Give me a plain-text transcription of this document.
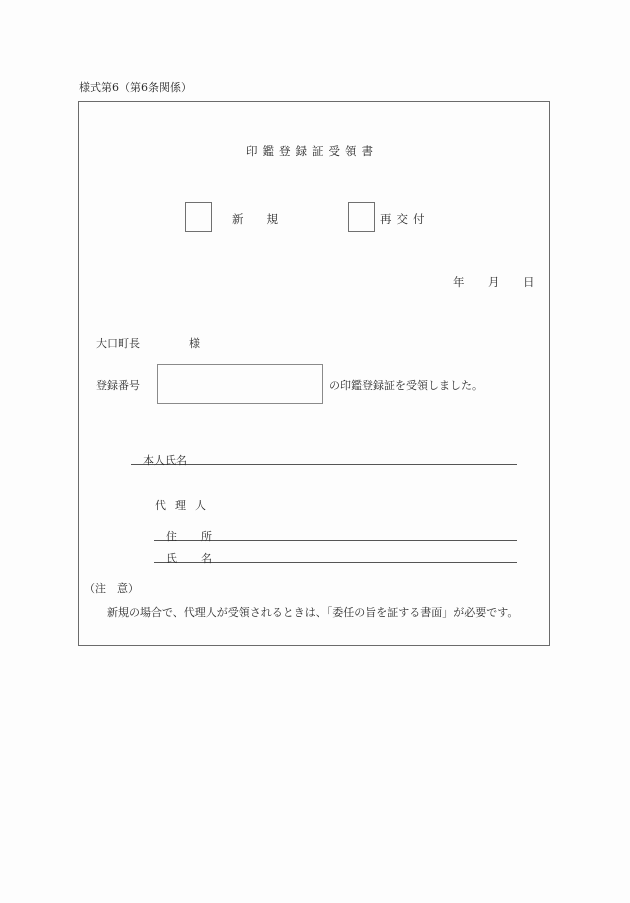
様式第6（第6条関係）
印鑑登録証受領書
新規	再交付
年 月 日
大口町長	様
登録番号	の印鑑登録証を受領しました。
本人氏名
代理人
住所
氏名
（注　意）
新規の場合で、代理人が受領されるときは、「委任の旨を証する書面」が必要です。
